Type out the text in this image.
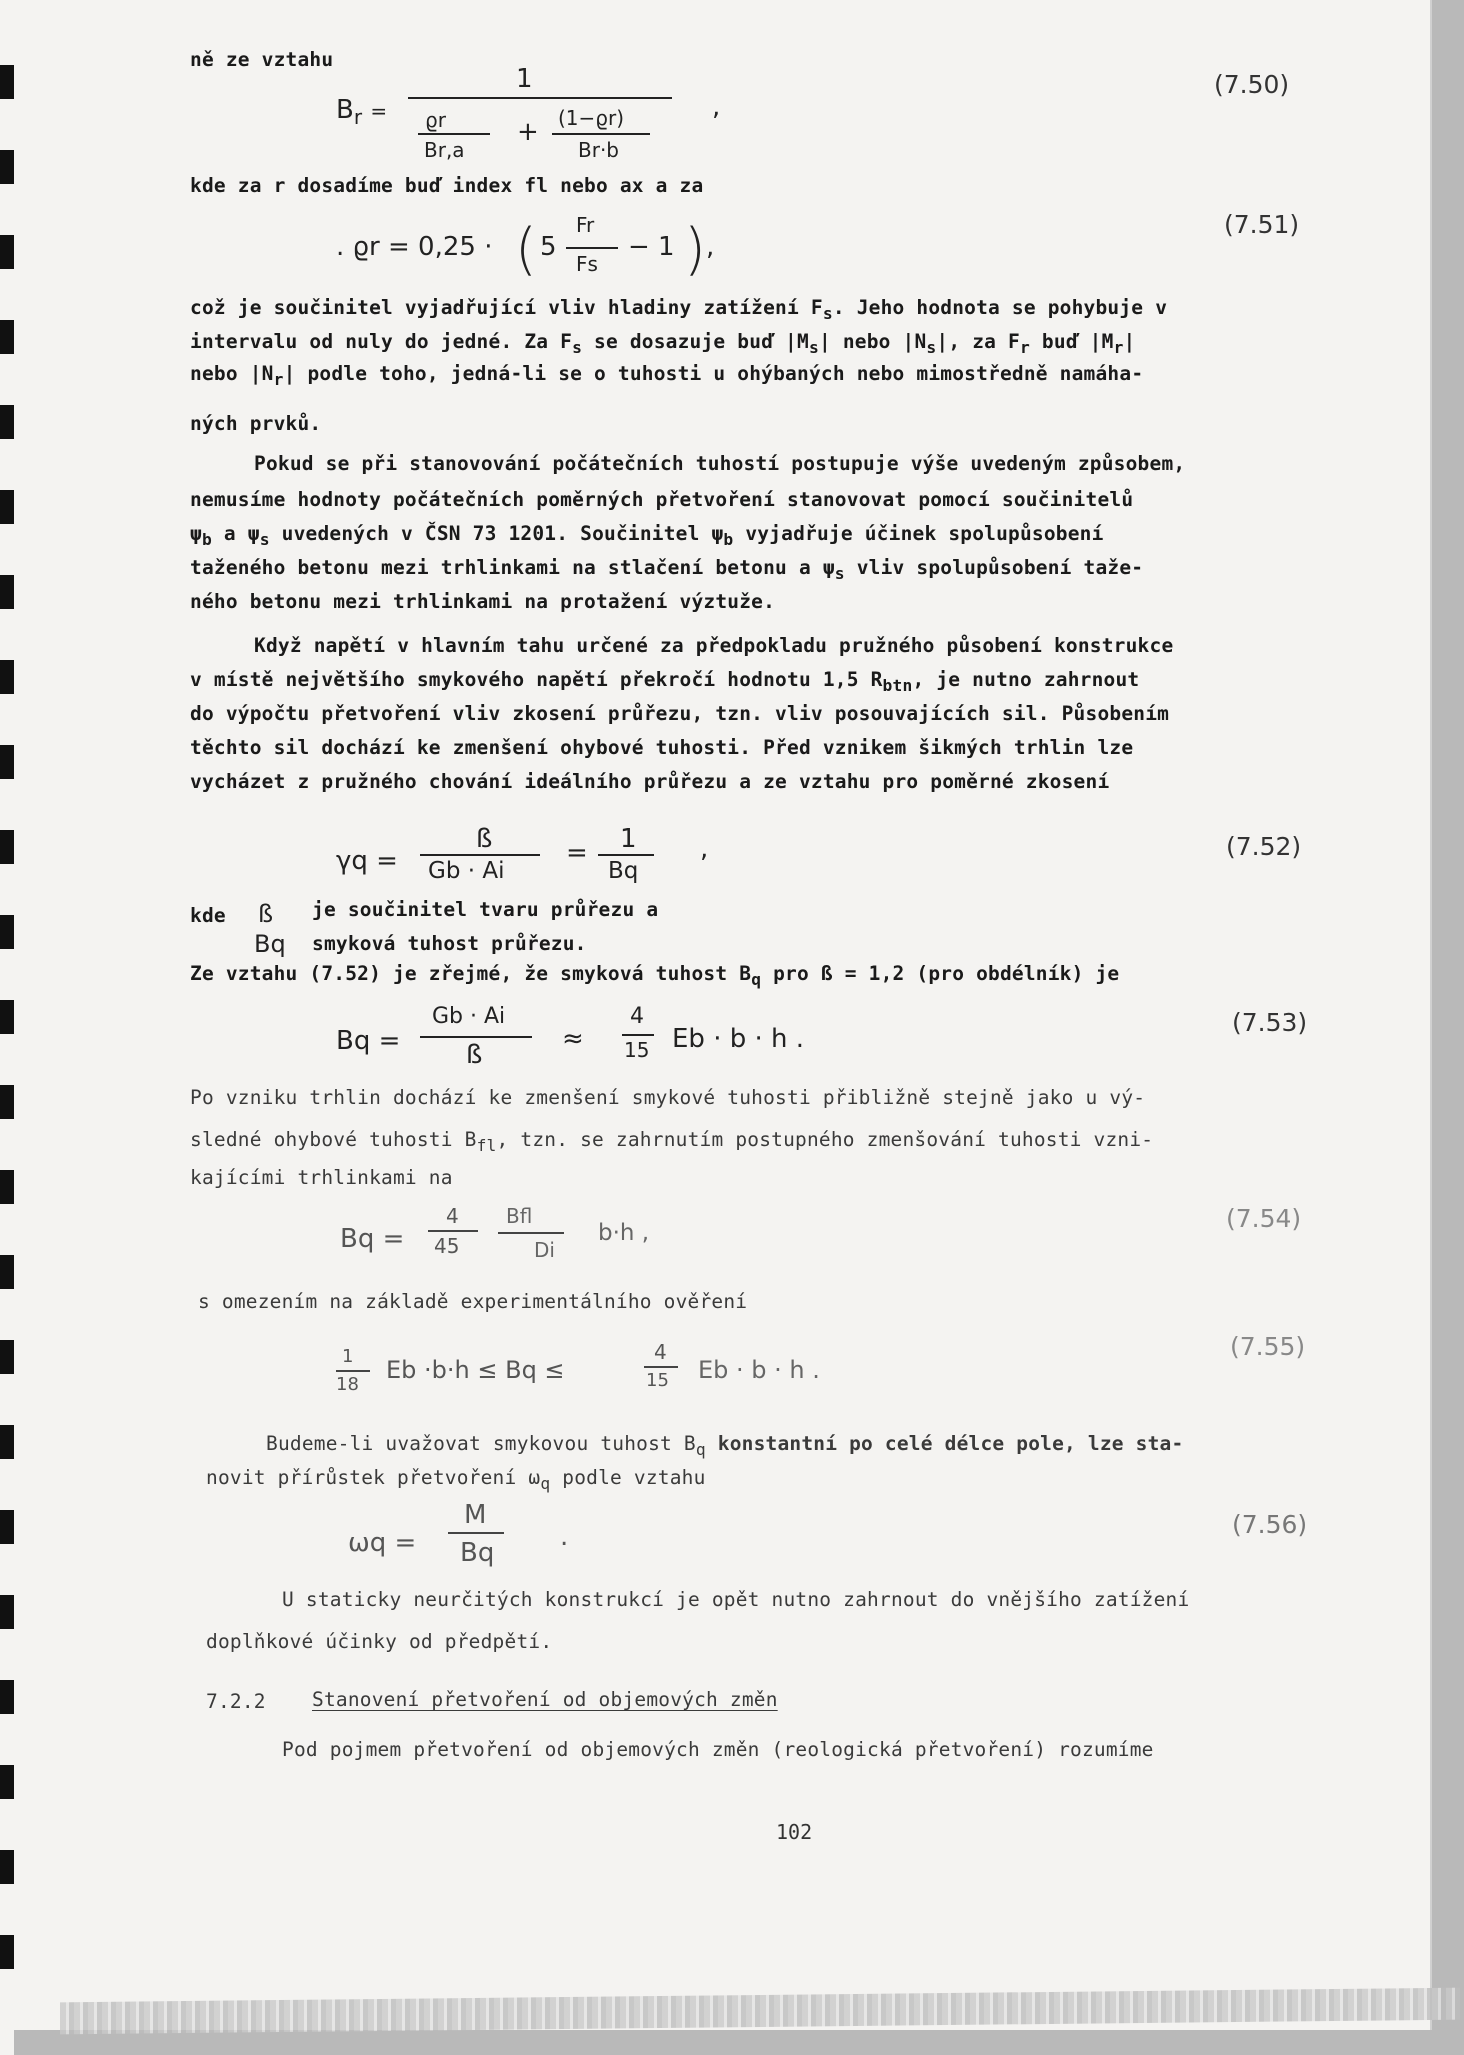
ně ze vztahu
$B_r$ =
1
ϱr
Br,a
+ (1−ϱr)
Br·b
,
(7.50)
kde za r dosadíme buď index fl nebo ax a za
. ϱr = 0,25 · ( 5
Fr
Fs
− 1 ) ,
(7.51)
což je součinitel vyjadřující vliv hladiny zatížení $F_s$. Jeho hodnota se pohybuje v
intervalu od nuly do jedné. Za $F_s$ se dosazuje buď $|M_s|$ nebo $|N_s|$, za $F_r$ buď $|M_r|$
nebo $|N_r|$ podle toho, jedná-li se o tuhosti u ohýbaných nebo mimostředně namáha-
ných prvků.
Pokud se při stanovování počátečních tuhostí postupuje výše uvedeným způsobem,
nemusíme hodnoty počátečních poměrných přetvoření stanovovat pomocí součinitelů
$\psi_b$ a $\psi_s$ uvedených v ČSN 73 1201. Součinitel $\psi_b$ vyjadřuje účinek spolupůsobení
taženého betonu mezi trhlinkami na stlačení betonu a $\psi_s$ vliv spolupůsobení tažе-
ného betonu mezi trhlinkami na protažení výztuže.
Když napětí v hlavním tahu určené za předpokladu pružného působení konstrukce
v místě největšího smykového napětí překročí hodnotu 1,5 $R_{btn}$, je nutno zahrnout
do výpočtu přetvoření vliv zkosení průřezu, tzn. vliv posouvajících sil. Působením
těchto sil dochází ke zmenšení ohybové tuhosti. Před vznikem šikmých trhlin lze
vycházet z pružného chování ideálního průřezu a ze vztahu pro poměrné zkosení
γq =
ß
Gb · Ai
= 1
Bq
,	(7.52)
kde ß je součinitel tvaru průřezu a
Bq smyková tuhost průřezu.
Ze vztahu (7.52) je zřejmé, že smyková tuhost $B_q$ pro ß = 1,2 (pro obdélník) je
Bq =
Gb · Ai
ß
≈
4
15 Eb · b · h .
(7.53)
Po vzniku trhlin dochází ke zmenšení smykové tuhosti přibližně stejně jako u vý-
sledné ohybové tuhosti $B_{fl}$, tzn. se zahrnutím postupného zmenšování tuhosti vzni-
kajícími trhlinkami na
Bq =
4
45
Bfl
Di
b·h ,	(7.54)
s omezením na základě experimentálního ověření
1
18
Eb ·b·h ≤ Bq ≤
4
15 Eb · b · h .
(7.55)
Budeme-li uvažovat smykovou tuhost $B_q$ konstantní po celé délce pole, lze sta-
novit přírůstek přetvoření $\omega_q$ podle vztahu
ωq =
M
Bq
.	(7.56)
U staticky neurčitých konstrukcí je opět nutno zahrnout do vnějšího zatížení
doplňkové účinky od předpětí.
7.2.2 Stanovení přetvoření od objemových změn
Pod pojmem přetvoření od objemových změn (reologická přetvoření) rozumíme
102
